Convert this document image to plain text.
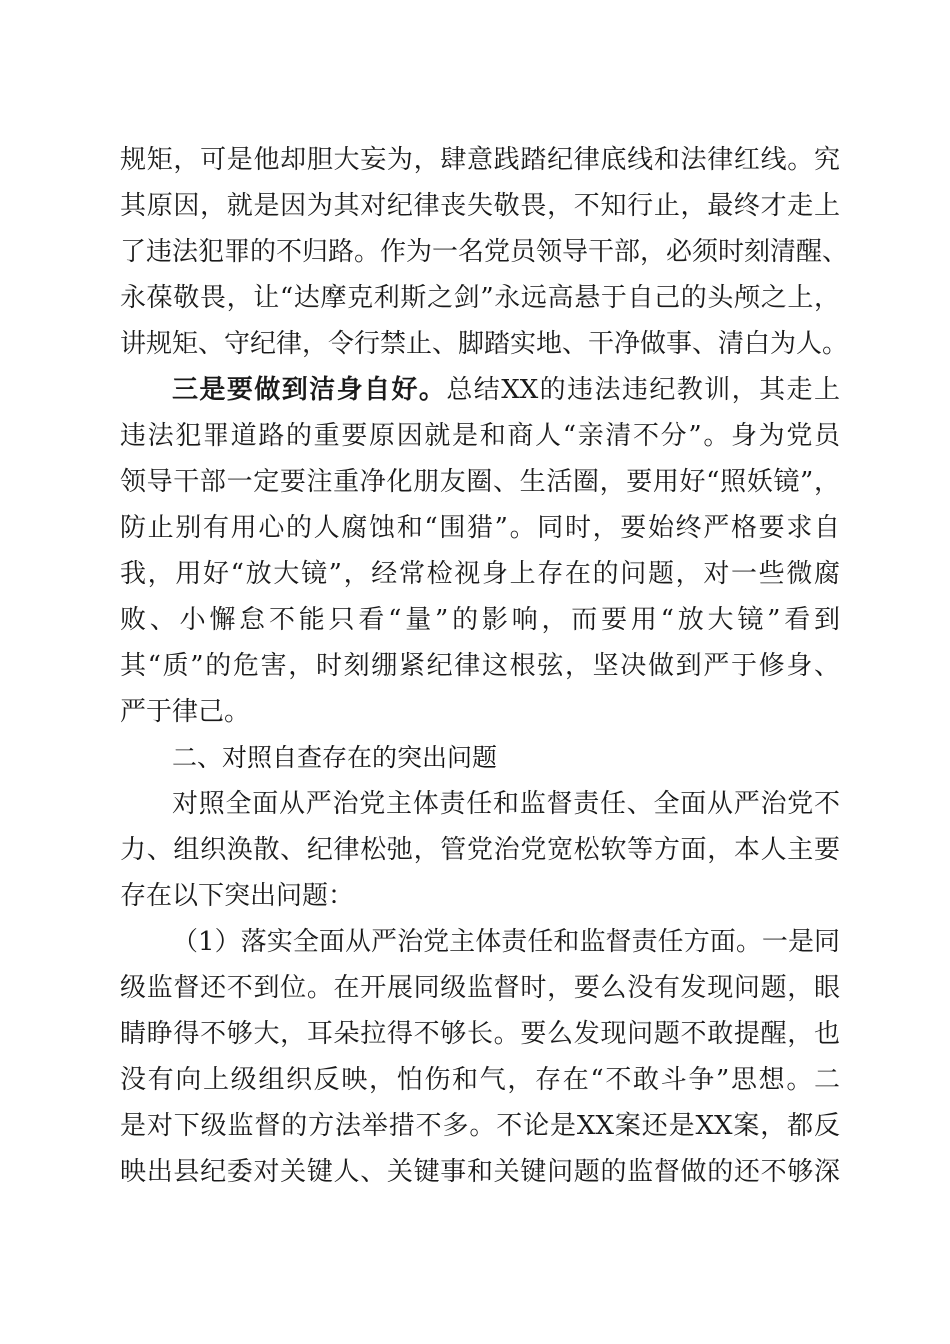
规矩，可是他却胆大妄为，肆意践踏纪律底线和法律红线。究
其原因，就是因为其对纪律丧失敬畏，不知行止，最终才走上
了违法犯罪的不归路。作为一名党员领导干部，必须时刻清醒、
永葆敬畏，让“达摩克利斯之剑”永远高悬于自己的头颅之上，
讲规矩、守纪律，令行禁止、脚踏实地、干净做事、清白为人。
三是要做到洁身自好。总结XX的违法违纪教训，其走上
违法犯罪道路的重要原因就是和商人“亲清不分”。身为党员
领导干部一定要注重净化朋友圈、生活圈，要用好“照妖镜”，
防止别有用心的人腐蚀和“围猎”。同时，要始终严格要求自
我，用好“放大镜”，经常检视身上存在的问题，对一些微腐
败、小懈怠不能只看“量”的影响，而要用“放大镜”看到
其“质”的危害，时刻绷紧纪律这根弦，坚决做到严于修身、
严于律己。
二、对照自查存在的突出问题
对照全面从严治党主体责任和监督责任、全面从严治党不
力、组织涣散、纪律松弛，管党治党宽松软等方面，本人主要
存在以下突出问题：
（1）落实全面从严治党主体责任和监督责任方面。一是同
级监督还不到位。在开展同级监督时，要么没有发现问题，眼
睛睁得不够大，耳朵拉得不够长。要么发现问题不敢提醒，也
没有向上级组织反映，怕伤和气，存在“不敢斗争”思想。二
是对下级监督的方法举措不多。不论是XX案还是XX案，都反
映出县纪委对关键人、关键事和关键问题的监督做的还不够深
